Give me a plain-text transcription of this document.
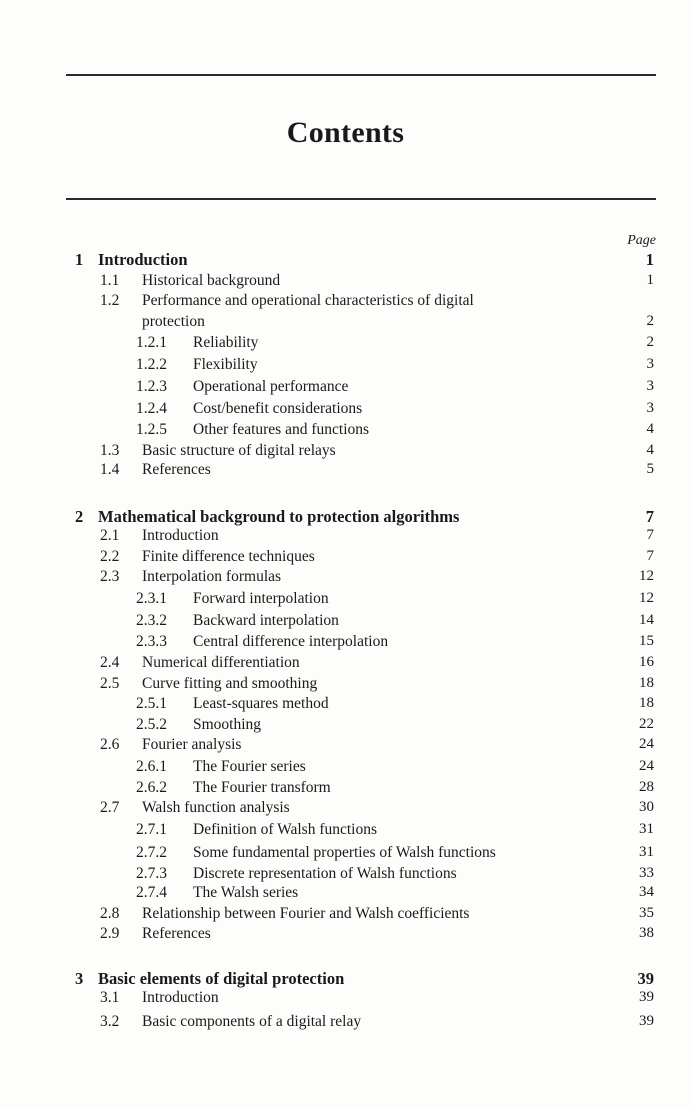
Contents
Page
1 Introduction	1
1.1 Historical background	1
1.2 Performance and operational characteristics of digital
protection	2
1.2.1 Reliability	2
1.2.2 Flexibility	3
1.2.3 Operational performance	3
1.2.4 Cost/benefit considerations	3
1.2.5 Other features and functions	4
1.3 Basic structure of digital relays	4
1.4 References	5
2 Mathematical background to protection algorithms	7
2.1 Introduction	7
2.2 Finite difference techniques	7
2.3 Interpolation formulas	12
2.3.1 Forward interpolation	12
2.3.2 Backward interpolation	14
2.3.3 Central difference interpolation	15
2.4 Numerical differentiation	16
2.5 Curve fitting and smoothing	18
2.5.1 Least-squares method	18
2.5.2 Smoothing	22
2.6 Fourier analysis	24
2.6.1 The Fourier series	24
2.6.2 The Fourier transform	28
2.7 Walsh function analysis	30
2.7.1 Definition of Walsh functions	31
2.7.2 Some fundamental properties of Walsh functions	31
2.7.3 Discrete representation of Walsh functions	33
2.7.4 The Walsh series	34
2.8 Relationship between Fourier and Walsh coefficients	35
2.9 References	38
3 Basic elements of digital protection	39
3.1 Introduction	39
3.2 Basic components of a digital relay	39
